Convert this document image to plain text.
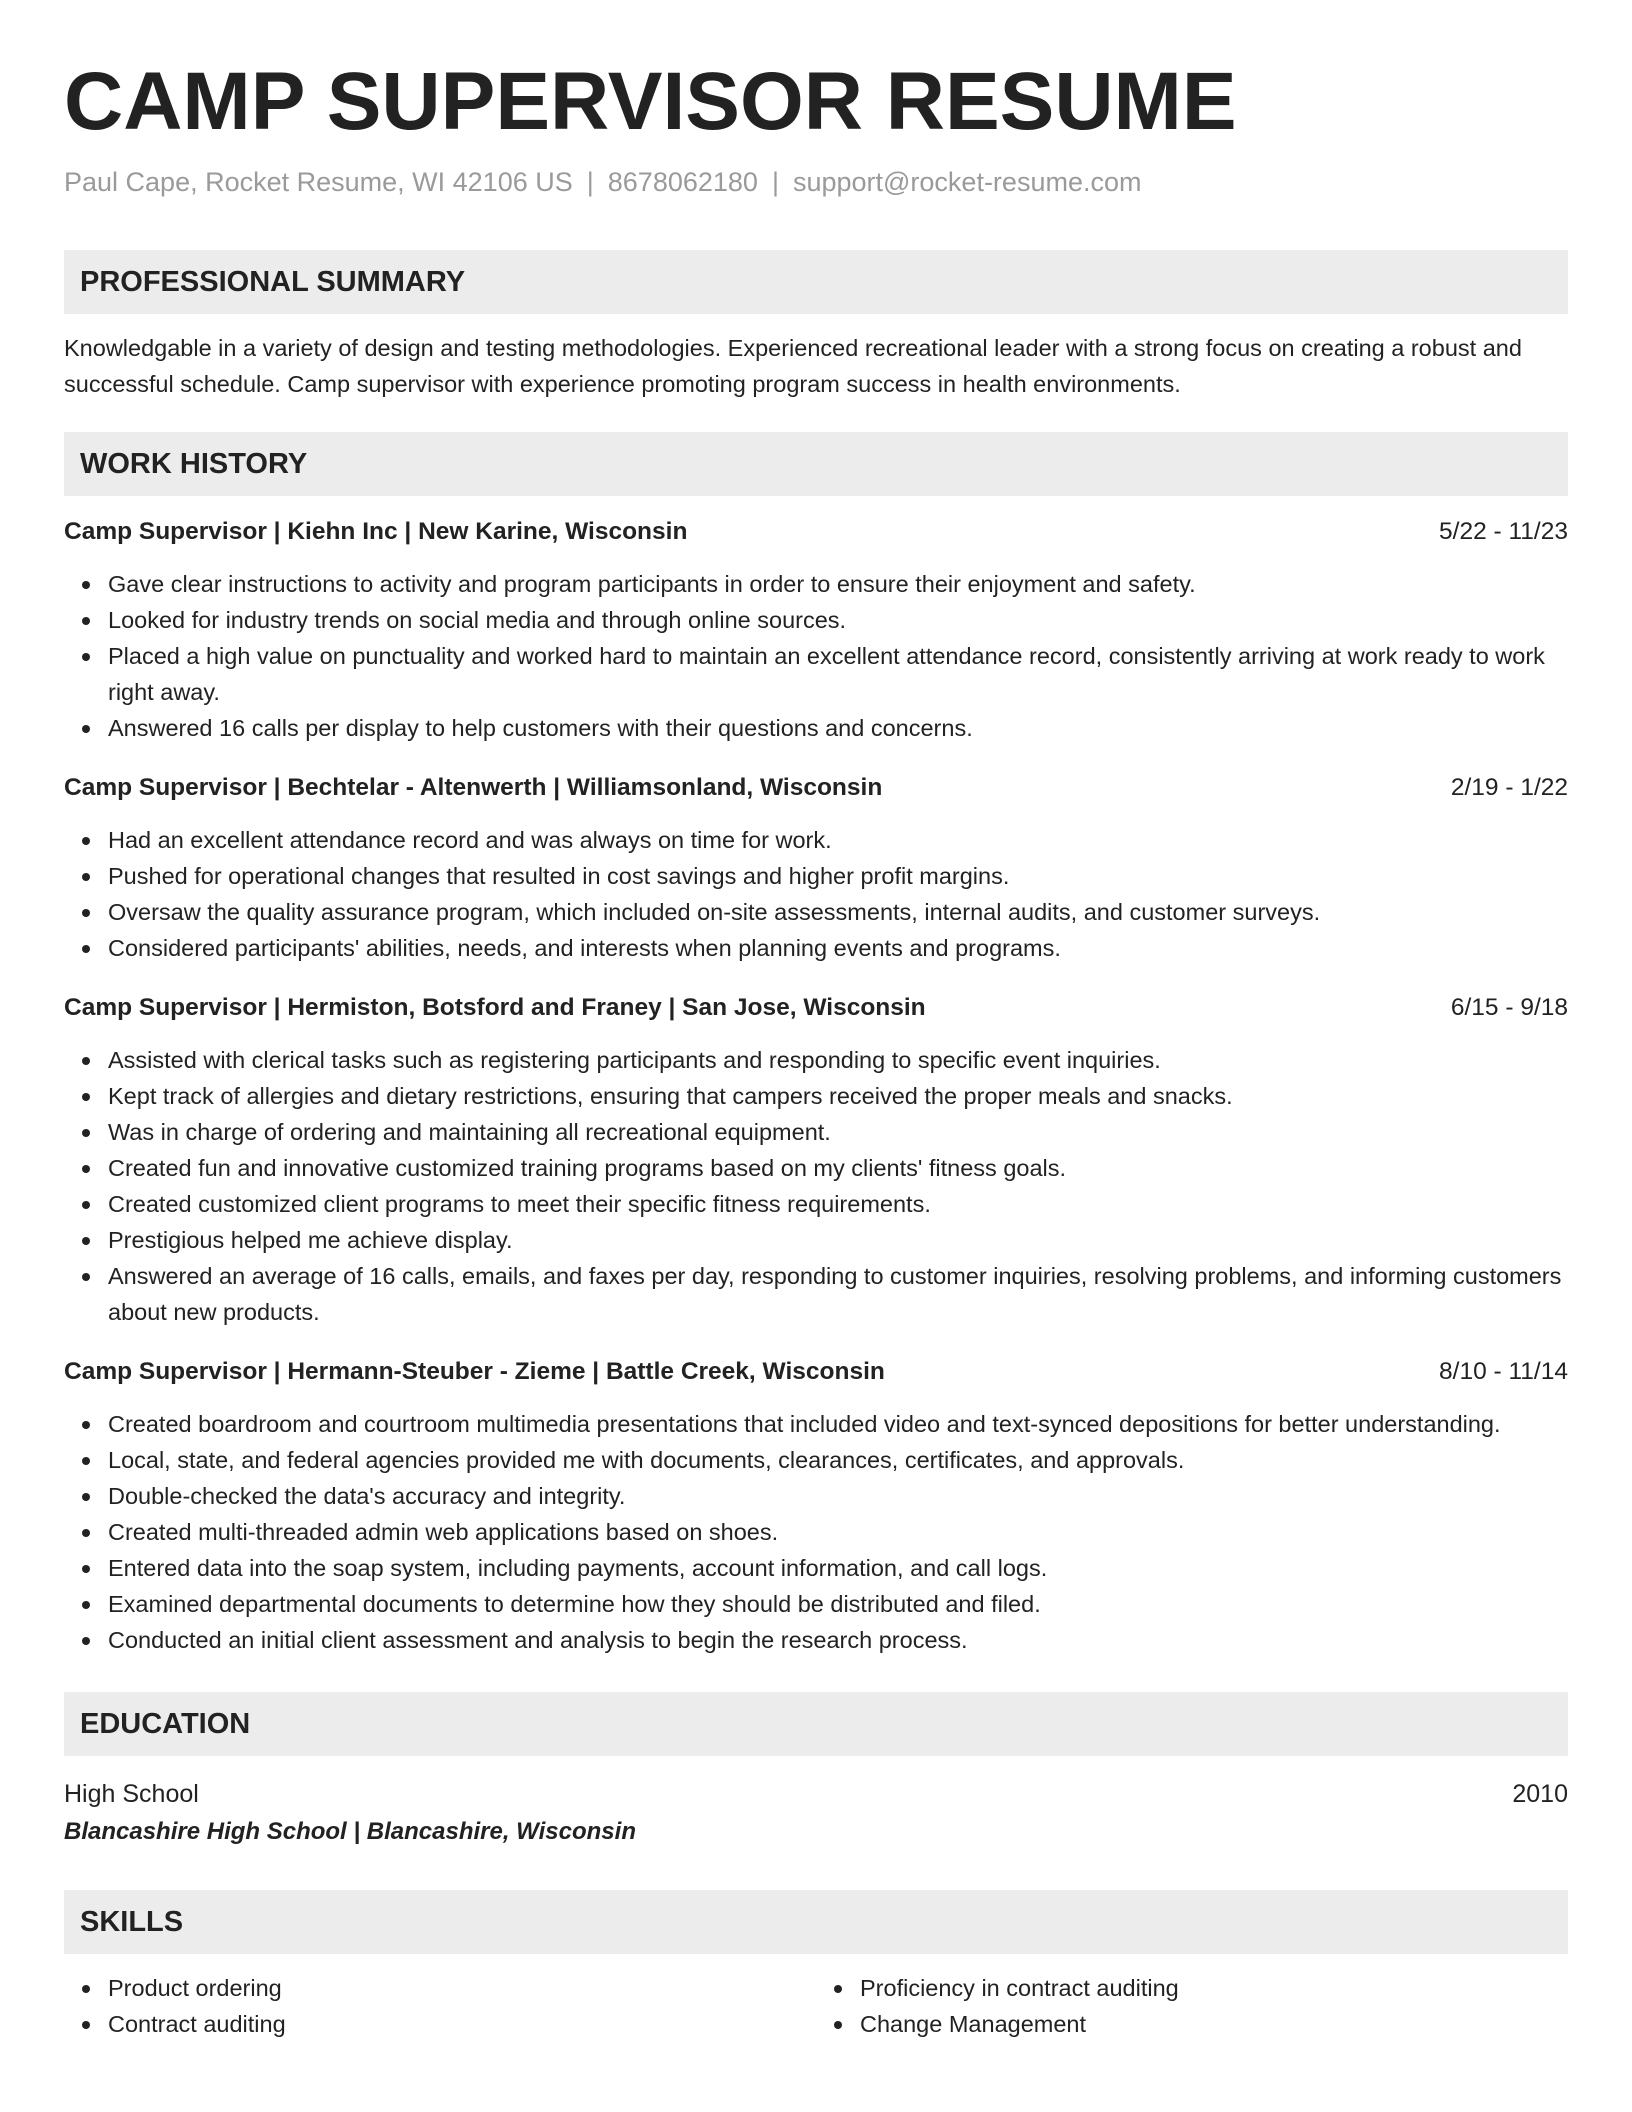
CAMP SUPERVISOR RESUME
Paul Cape, Rocket Resume, WI 42106 US | 8678062180 | support@rocket-resume.com
PROFESSIONAL SUMMARY
Knowledgable in a variety of design and testing methodologies. Experienced recreational leader with a strong focus on creating a robust and successful schedule. Camp supervisor with experience promoting program success in health environments.
WORK HISTORY
Camp Supervisor | Kiehn Inc | New Karine, Wisconsin	5/22 - 11/23
Gave clear instructions to activity and program participants in order to ensure their enjoyment and safety.
Looked for industry trends on social media and through online sources.
Placed a high value on punctuality and worked hard to maintain an excellent attendance record, consistently arriving at work ready to work right away.
Answered 16 calls per display to help customers with their questions and concerns.
Camp Supervisor | Bechtelar - Altenwerth | Williamsonland, Wisconsin	2/19 - 1/22
Had an excellent attendance record and was always on time for work.
Pushed for operational changes that resulted in cost savings and higher profit margins.
Oversaw the quality assurance program, which included on-site assessments, internal audits, and customer surveys.
Considered participants' abilities, needs, and interests when planning events and programs.
Camp Supervisor | Hermiston, Botsford and Franey | San Jose, Wisconsin	6/15 - 9/18
Assisted with clerical tasks such as registering participants and responding to specific event inquiries.
Kept track of allergies and dietary restrictions, ensuring that campers received the proper meals and snacks.
Was in charge of ordering and maintaining all recreational equipment.
Created fun and innovative customized training programs based on my clients' fitness goals.
Created customized client programs to meet their specific fitness requirements.
Prestigious helped me achieve display.
Answered an average of 16 calls, emails, and faxes per day, responding to customer inquiries, resolving problems, and informing customers about new products.
Camp Supervisor | Hermann-Steuber - Zieme | Battle Creek, Wisconsin	8/10 - 11/14
Created boardroom and courtroom multimedia presentations that included video and text-synced depositions for better understanding.
Local, state, and federal agencies provided me with documents, clearances, certificates, and approvals.
Double-checked the data's accuracy and integrity.
Created multi-threaded admin web applications based on shoes.
Entered data into the soap system, including payments, account information, and call logs.
Examined departmental documents to determine how they should be distributed and filed.
Conducted an initial client assessment and analysis to begin the research process.
EDUCATION
High School	2010
Blancashire High School | Blancashire, Wisconsin
SKILLS
Product ordering
Contract auditing
Proficiency in contract auditing
Change Management
